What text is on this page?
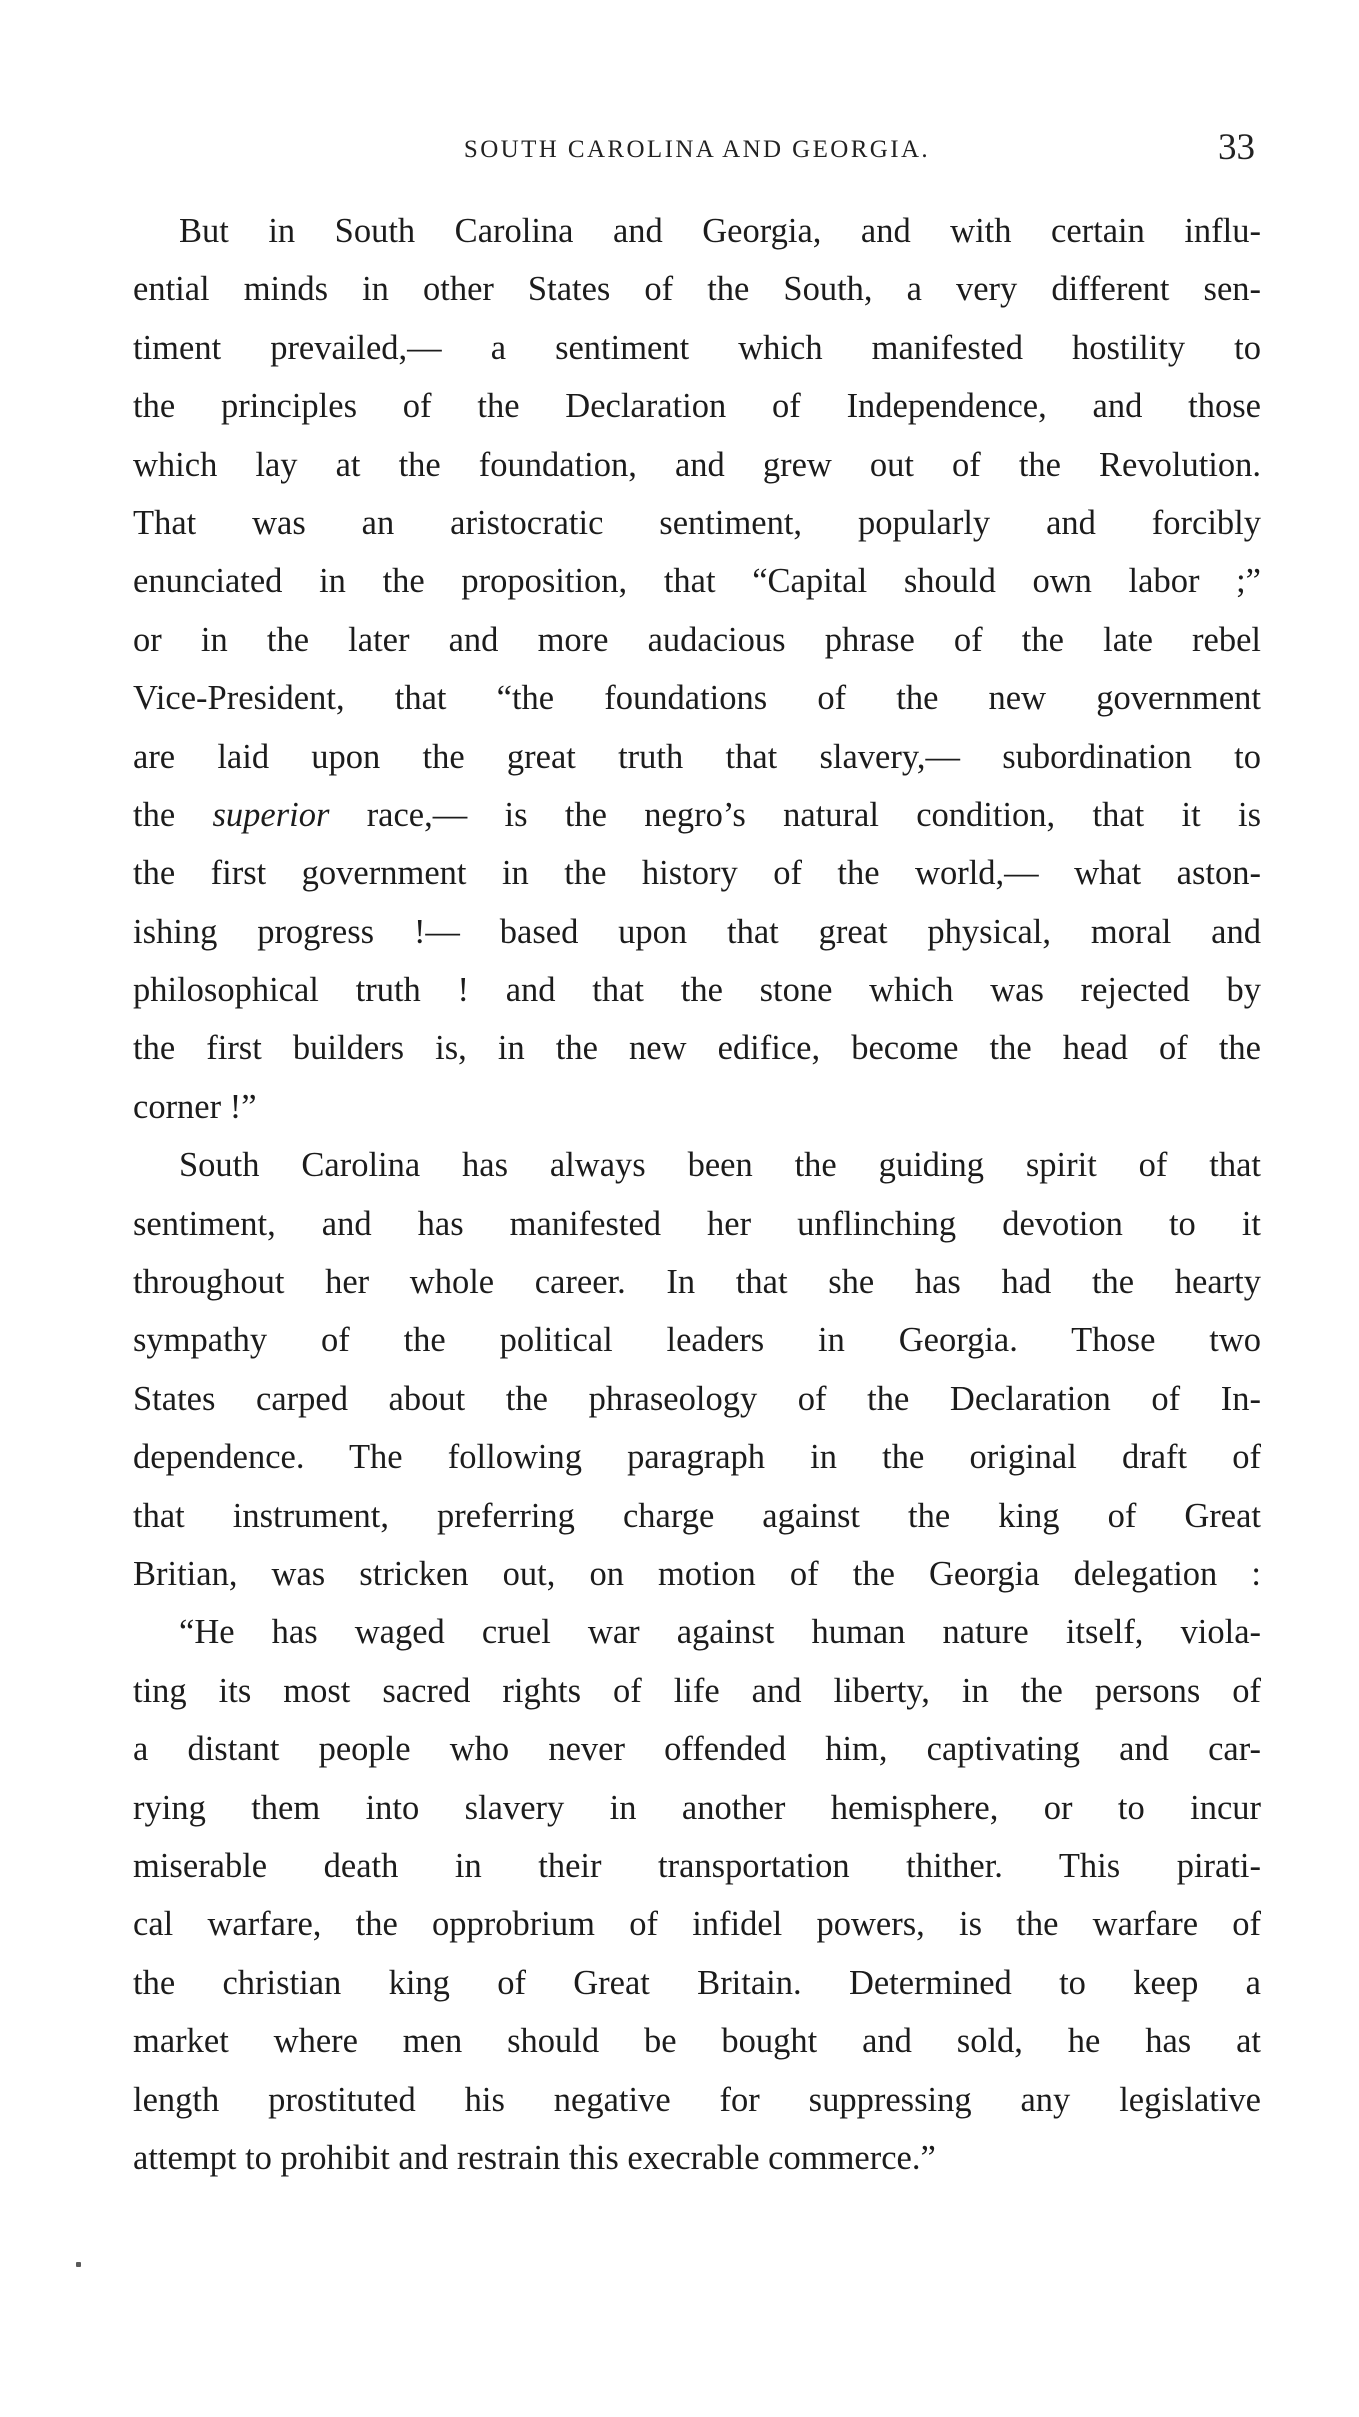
SOUTH CAROLINA AND GEORGIA.	33
But in South Carolina and Georgia, and with certain influ-
ential minds in other States of the South, a very different sen-
timent prevailed,— a sentiment which manifested hostility to
the principles of the Declaration of Independence, and those
which lay at the foundation, and grew out of the Revolution.
That was an aristocratic sentiment, popularly and forcibly
enunciated in the proposition, that “Capital should own labor ;”
or in the later and more audacious phrase of the late rebel
Vice-President, that “the foundations of the new government
are laid upon the great truth that slavery,— subordination to
the superior race,— is the negro’s natural condition, that it is
the first government in the history of the world,— what aston-
ishing progress !— based upon that great physical, moral and
philosophical truth ! and that the stone which was rejected by
the first builders is, in the new edifice, become the head of the
corner !”
South Carolina has always been the guiding spirit of that
sentiment, and has manifested her unflinching devotion to it
throughout her whole career. In that she has had the hearty
sympathy of the political leaders in Georgia. Those two
States carped about the phraseology of the Declaration of In-
dependence. The following paragraph in the original draft of
that instrument, preferring charge against the king of Great
Britian, was stricken out, on motion of the Georgia delegation :
“He has waged cruel war against human nature itself, viola-
ting its most sacred rights of life and liberty, in the persons of
a distant people who never offended him, captivating and car-
rying them into slavery in another hemisphere, or to incur
miserable death in their transportation thither. This pirati-
cal warfare, the opprobrium of infidel powers, is the warfare of
the christian king of Great Britain. Determined to keep a
market where men should be bought and sold, he has at
length prostituted his negative for suppressing any legislative
attempt to prohibit and restrain this execrable commerce.”
